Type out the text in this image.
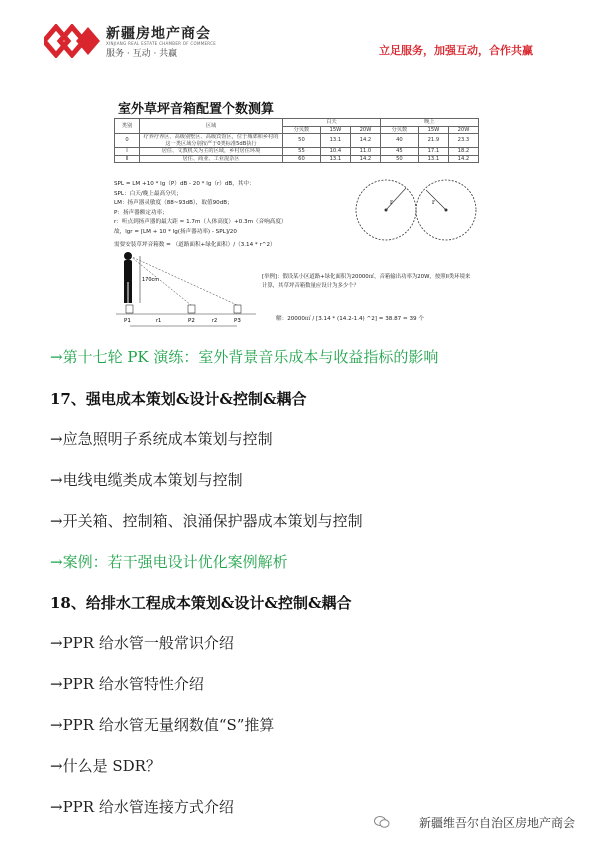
新疆房地产商会
XINJIANG REAL ESTATE CHAMBER OF COMMERCE
服务 · 互动 · 共赢	立足服务，加强互动，合作共赢
室外草坪音箱配置个数测算
类别	区域	白天			晚上		
		分贝数	15W	20W	分贝数	15W	20W
0	疗养疗养区、高级别墅区、高级宾馆区，位于城郊和乡村的这一类区域分别按严于0类标准5dB执行	50	13.1	14.2	40	21.9	23.3
I	居住、文教机关为主的区域，乡村居住环境	55	10.4	11.0	45	17.1	18.2
II	居住、商业、工业混杂区	60	13.1	14.2	50	13.1	14.2
SPL = LM +10 * lg（P）dB - 20 * lg（r）dB，其中：
SPL：白天/晚上最高分贝；
LM：扬声器灵敏度（88~93dB），取值90dB；
P：扬声器额定功率；
r：听点到扬声器的最大距 ≈ 1.7m（人体高度）+0.3m（音响高度）
故，lgr = [LM + 10 * lg(扬声器功率) - SPL]/20
需要安装草坪音箱数 = （道路面积+绿化面积）/（3.14 * r^2）
r	r
170cm
P1	P2	P3
r1	r2
[举例]：假设某小区道路+绿化面积为20000㎡，音箱输出功率为20W，按照II类环境来计算，其草坪音箱数量应设计为多少个？
解：20000㎡ / [3.14 * (14.2-1.4) ^2] = 38.87 ≈ 39 个
→第十七轮 PK 演练：室外背景音乐成本与收益指标的影响
17、强电成本策划&设计&控制&耦合
→应急照明子系统成本策划与控制
→电线电缆类成本策划与控制
→开关箱、控制箱、浪涌保护器成本策划与控制
→案例：若干强电设计优化案例解析
18、给排水工程成本策划&设计&控制&耦合
→PPR 给水管一般常识介绍
→PPR 给水管特性介绍
→PPR 给水管无量纲数值“S”推算
→什么是 SDR？
→PPR 给水管连接方式介绍
新疆维吾尔自治区房地产商会
